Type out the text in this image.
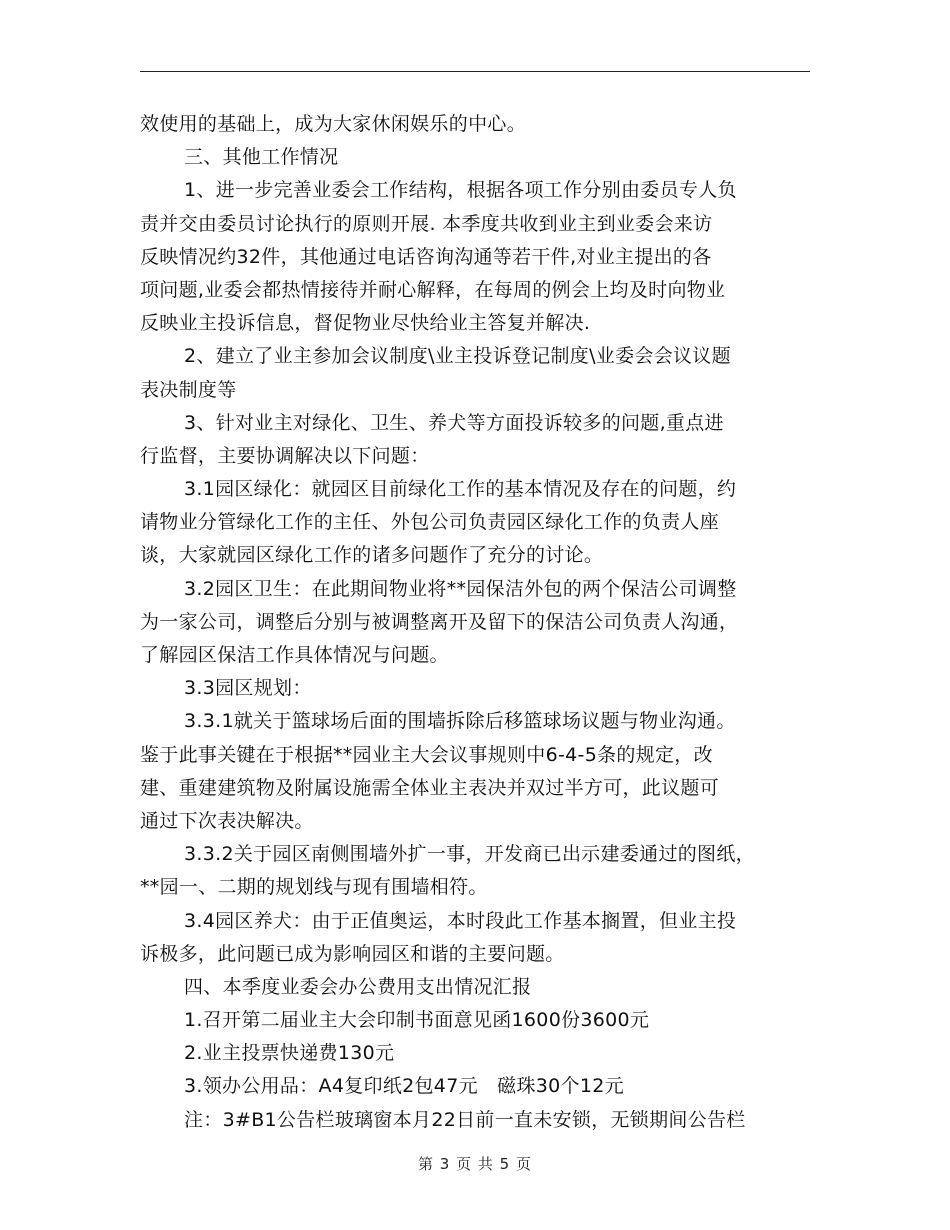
效使用的基础上，成为大家休闲娱乐的中心。
三、其他工作情况
1、进一步完善业委会工作结构，根据各项工作分别由委员专人负
责并交由委员讨论执行的原则开展. 本季度共收到业主到业委会来访
反映情况约32件，其他通过电话咨询沟通等若干件,对业主提出的各
项问题,业委会都热情接待并耐心解释，在每周的例会上均及时向物业
反映业主投诉信息，督促物业尽快给业主答复并解决.
2、建立了业主参加会议制度\业主投诉登记制度\业委会会议议题
表决制度等
3、针对业主对绿化、卫生、养犬等方面投诉较多的问题,重点进
行监督，主要协调解决以下问题：
3.1园区绿化：就园区目前绿化工作的基本情况及存在的问题，约
请物业分管绿化工作的主任、外包公司负责园区绿化工作的负责人座
谈，大家就园区绿化工作的诸多问题作了充分的讨论。
3.2园区卫生：在此期间物业将**园保洁外包的两个保洁公司调整
为一家公司，调整后分别与被调整离开及留下的保洁公司负责人沟通，
了解园区保洁工作具体情况与问题。
3.3园区规划：
3.3.1就关于篮球场后面的围墙拆除后移篮球场议题与物业沟通。
鉴于此事关键在于根据**园业主大会议事规则中6-4-5条的规定，改
建、重建建筑物及附属设施需全体业主表决并双过半方可，此议题可
通过下次表决解决。
3.3.2关于园区南侧围墙外扩一事，开发商已出示建委通过的图纸，
**园一、二期的规划线与现有围墙相符。
3.4园区养犬：由于正值奥运，本时段此工作基本搁置，但业主投
诉极多，此问题已成为影响园区和谐的主要问题。
四、本季度业委会办公费用支出情况汇报
1.召开第二届业主大会印制书面意见函1600份3600元
2.业主投票快递费130元
3.领办公用品：A4复印纸2包47元　磁珠30个12元
注：3#B1公告栏玻璃窗本月22日前一直未安锁，无锁期间公告栏
第 3 页 共 5 页
